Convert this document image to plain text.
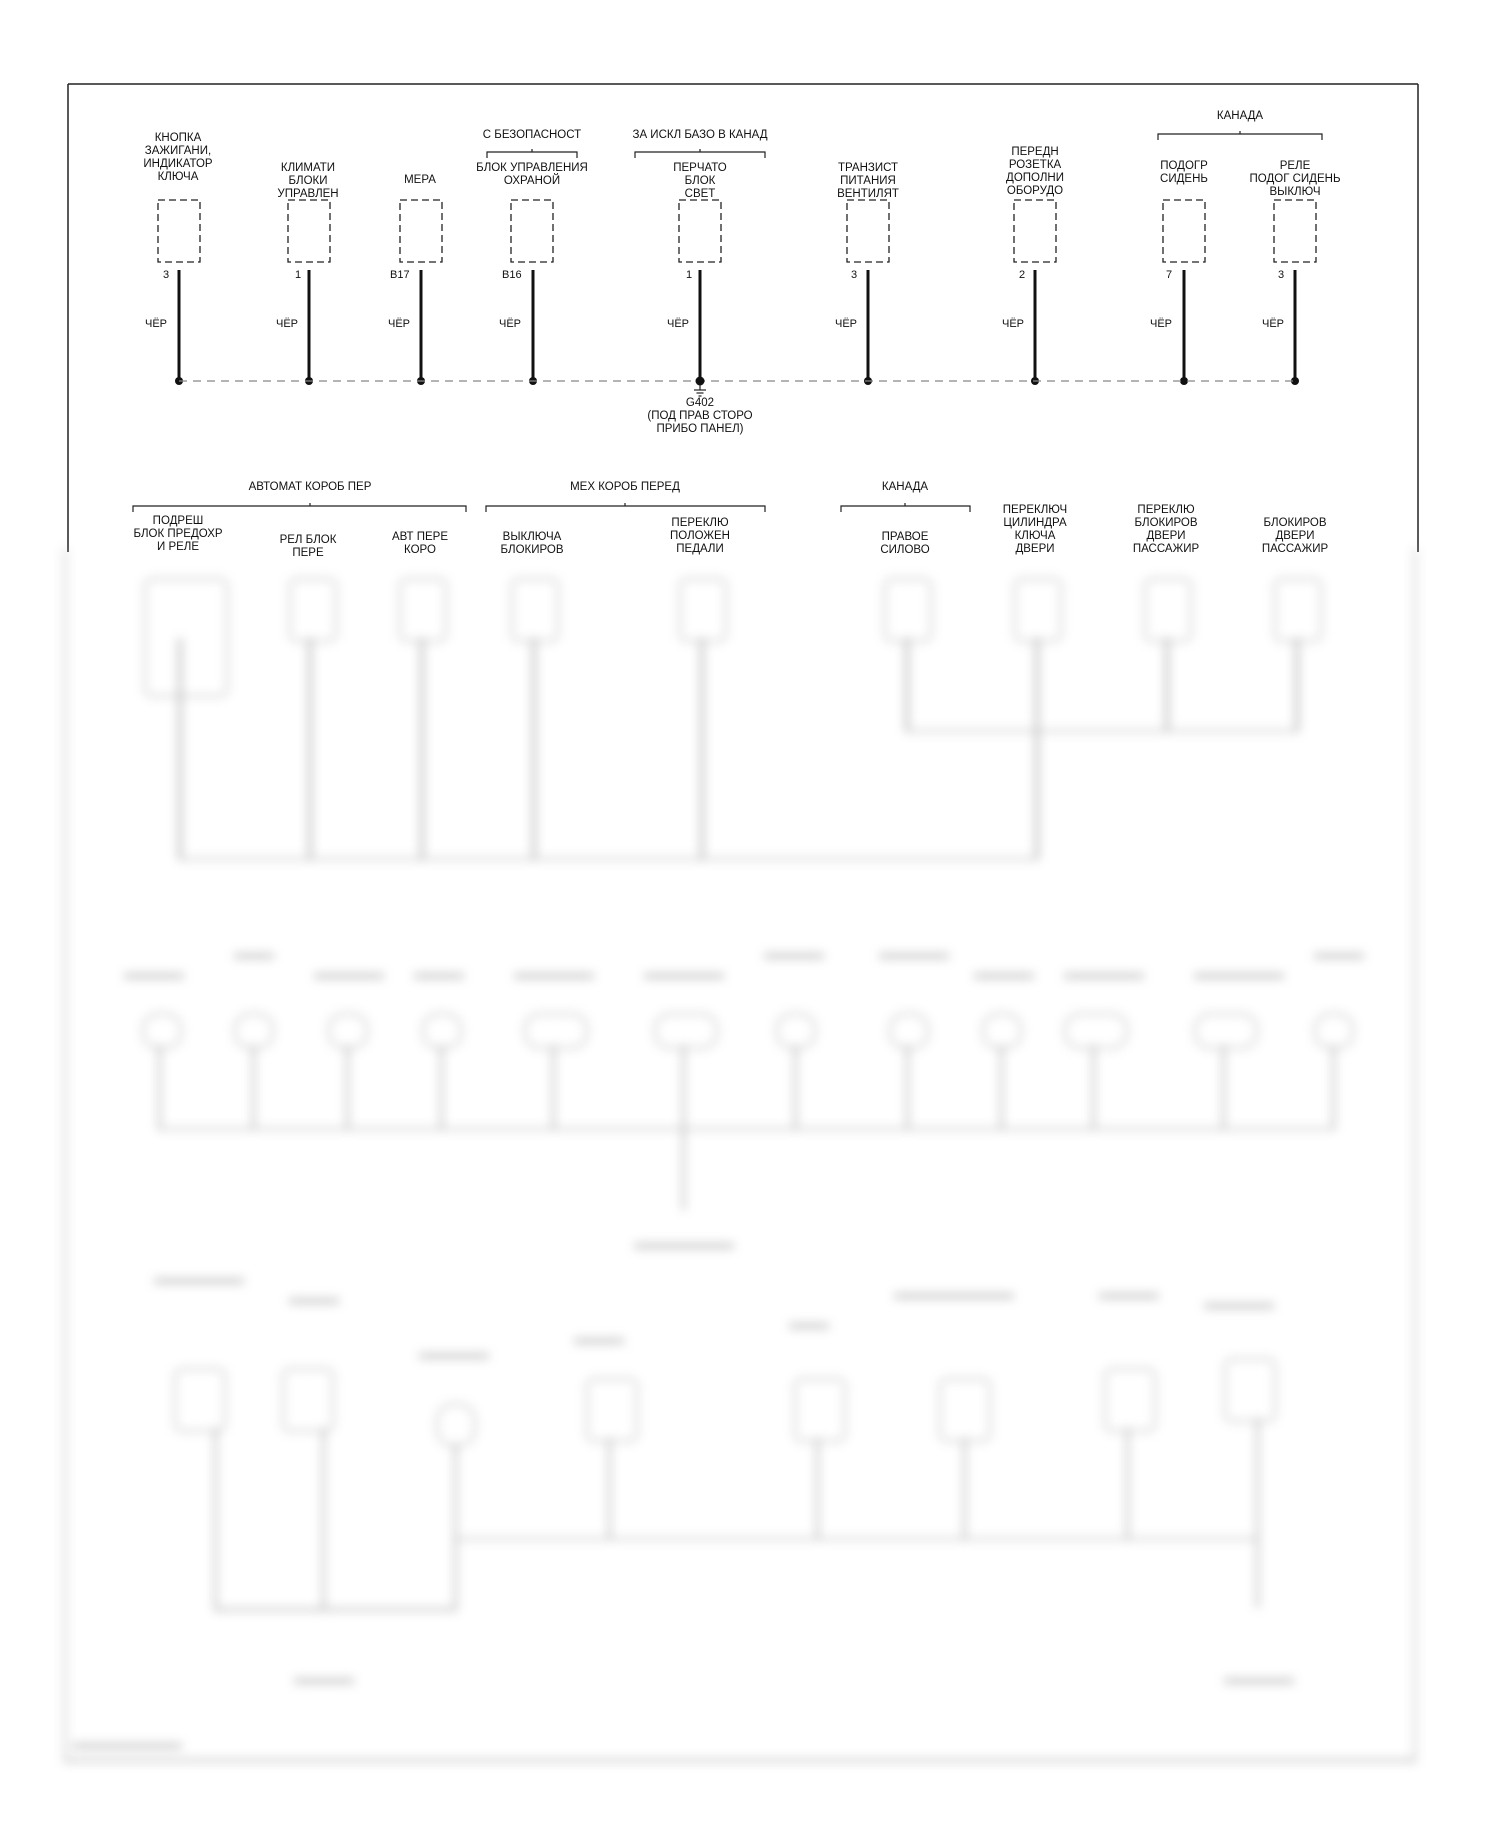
С БЕЗОПАСНОСТ	ЗА ИСКЛ БАЗО В КАНАД
КАНАДА
КНОПКА
ЗАЖИГАНИ,
ИНДИКАТОР
КЛЮЧА
3
ЧЁР
КЛИМАТИ
БЛОКИ
УПРАВЛЕН
1
ЧЁР
МЕРА
B17
ЧЁР
БЛОК УПРАВЛЕНИЯ
ОХРАНОЙ
B16
ЧЁР
ПЕРЧАТО
БЛОК
СВЕТ
1
ЧЁР
ТРАНЗИСТ
ПИТАНИЯ
ВЕНТИЛЯТ
3
ЧЁР
ПЕРЕДН
РОЗЕТКА
ДОПОЛНИ
ОБОРУДО
2
ЧЁР
ПОДОГР
СИДЕНЬ
7
ЧЁР
РЕЛЕ
ПОДОГ СИДЕНЬ
ВЫКЛЮЧ
3
ЧЁР
G402
(ПОД ПРАВ СТОРО
ПРИБО ПАНЕЛ)
АВТОМАТ КОРОБ ПЕР	МЕХ КОРОБ ПЕРЕД	КАНАДА
ПОДРЕШ
БЛОК ПРЕДОХР
И РЕЛЕ
РЕЛ БЛОК
ПЕРЕ
АВТ ПЕРЕ
КОРО
ВЫКЛЮЧА
БЛОКИРОВ
ПЕРЕКЛЮ
ПОЛОЖЕН
ПЕДАЛИ
ПРАВОЕ
СИЛОВО
ПЕРЕКЛЮЧ
ЦИЛИНДРА
КЛЮЧА
ДВЕРИ
ПЕРЕКЛЮ
БЛОКИРОВ
ДВЕРИ
ПАССАЖИР
БЛОКИРОВ
ДВЕРИ
ПАССАЖИР
